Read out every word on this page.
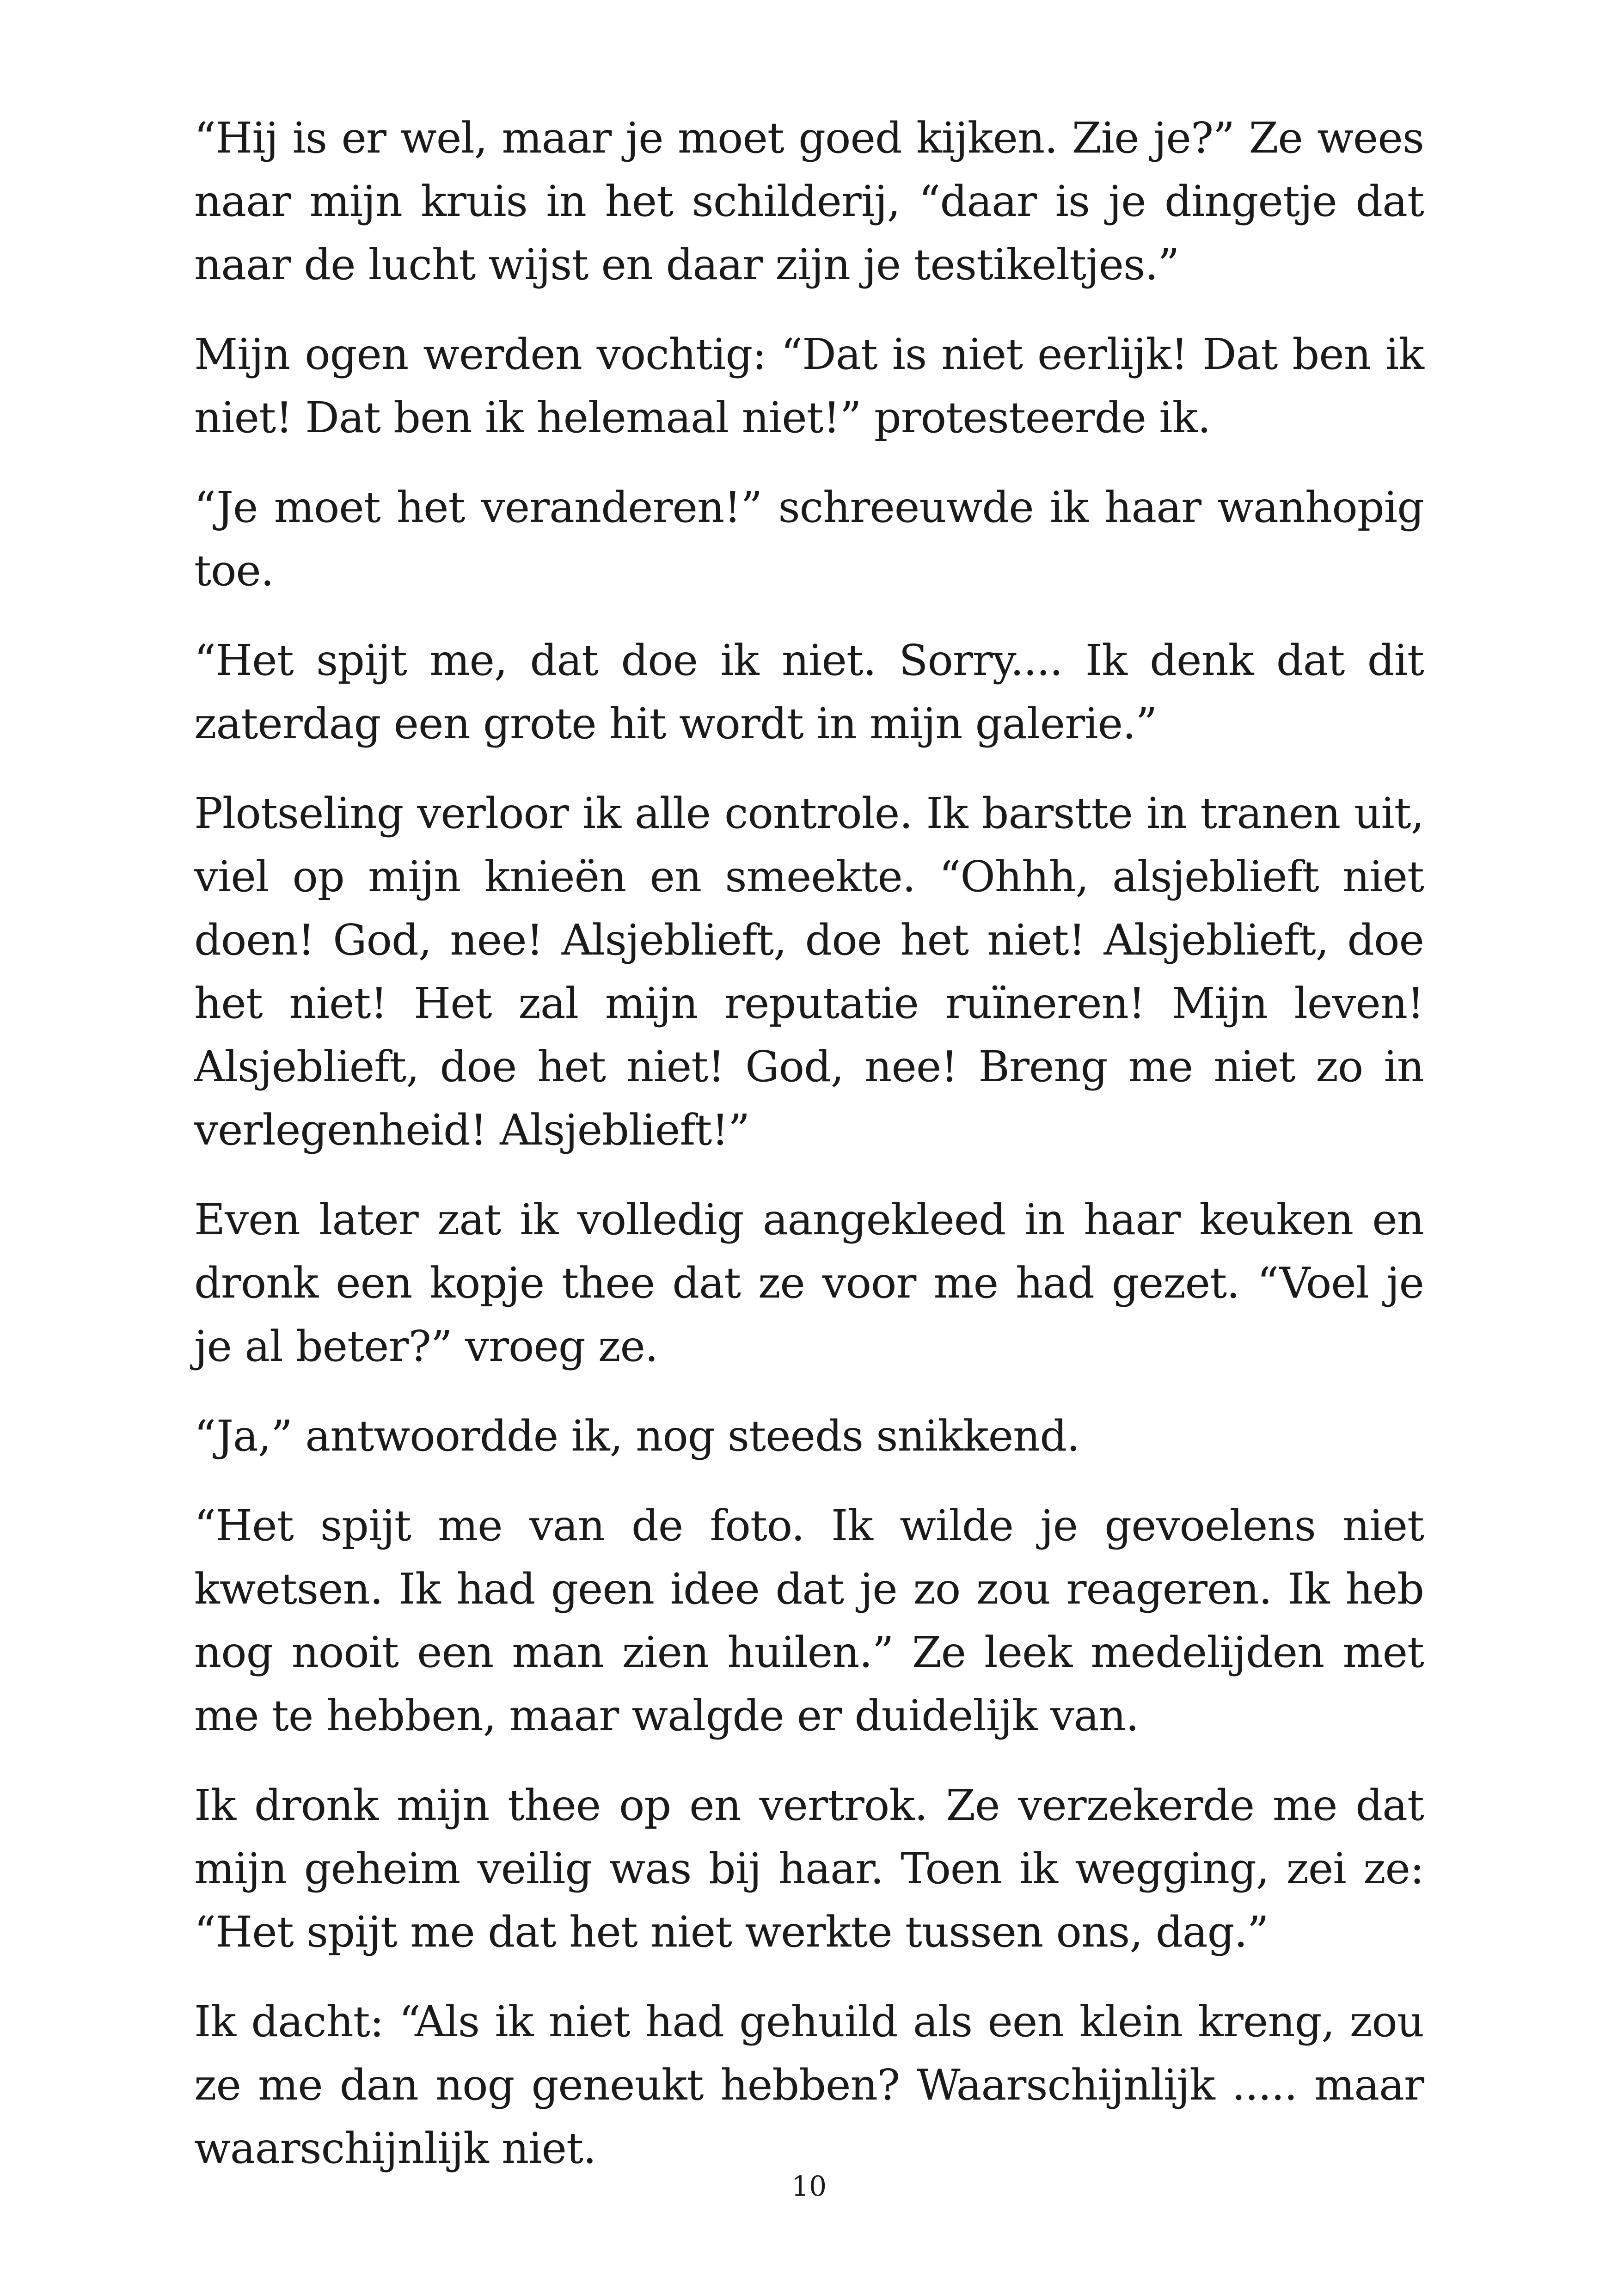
“Hij is er wel, maar je moet goed kijken. Zie je?” Ze wees naar mijn kruis in het schilderij, “daar is je dingetje dat naar de lucht wijst en daar zijn je testikeltjes.”

Mijn ogen werden vochtig: “Dat is niet eerlijk! Dat ben ik niet! Dat ben ik helemaal niet!” protesteerde ik.

“Je moet het veranderen!” schreeuwde ik haar wanhopig toe.

“Het spijt me, dat doe ik niet. Sorry.... Ik denk dat dit zaterdag een grote hit wordt in mijn galerie.”

Plotseling verloor ik alle controle. Ik barstte in tranen uit, viel op mijn knieën en smeekte. “Ohhh, alsjeblieft niet doen! God, nee! Alsjeblieft, doe het niet! Alsjeblieft, doe het niet! Het zal mijn reputatie ruïneren! Mijn leven! Alsjeblieft, doe het niet! God, nee! Breng me niet zo in verlegenheid! Alsjeblieft!”

Even later zat ik volledig aangekleed in haar keuken en dronk een kopje thee dat ze voor me had gezet. “Voel je je al beter?” vroeg ze.

“Ja,” antwoordde ik, nog steeds snikkend.

“Het spijt me van de foto. Ik wilde je gevoelens niet kwetsen. Ik had geen idee dat je zo zou reageren. Ik heb nog nooit een man zien huilen.” Ze leek medelijden met me te hebben, maar walgde er duidelijk van.

Ik dronk mijn thee op en vertrok. Ze verzekerde me dat mijn geheim veilig was bij haar. Toen ik wegging, zei ze: “Het spijt me dat het niet werkte tussen ons, dag.”

Ik dacht: “Als ik niet had gehuild als een klein kreng, zou ze me dan nog geneukt hebben? Waarschijnlijk ..... maar waarschijnlijk niet.

10
